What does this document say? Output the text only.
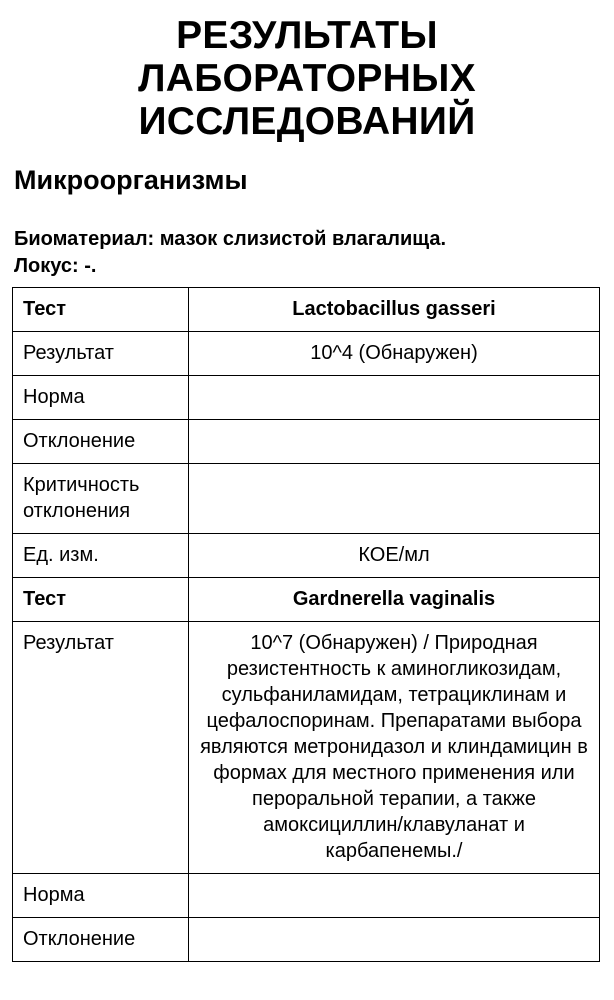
РЕЗУЛЬТАТЫ
ЛАБОРАТОРНЫХ
ИССЛЕДОВАНИЙ
Микроорганизмы
Биоматериал: мазок слизистой влагалища.
Локус: -.
Тест	Lactobacillus gasseri
Результат	10^4 (Обнаружен)
Норма	
Отклонение	
Критичность отклонения	
Ед. изм.	КОЕ/мл
Тест	Gardnerella vaginalis
Результат	10^7 (Обнаружен) / Природная резистентность к аминогликозидам, сульфаниламидам, тетрациклинам и цефалоспоринам. Препаратами выбора являются метронидазол и клиндамицин в формах для местного применения или пероральной терапии, а также амоксициллин/клавуланат и карбапенемы./
Норма	
Отклонение	
